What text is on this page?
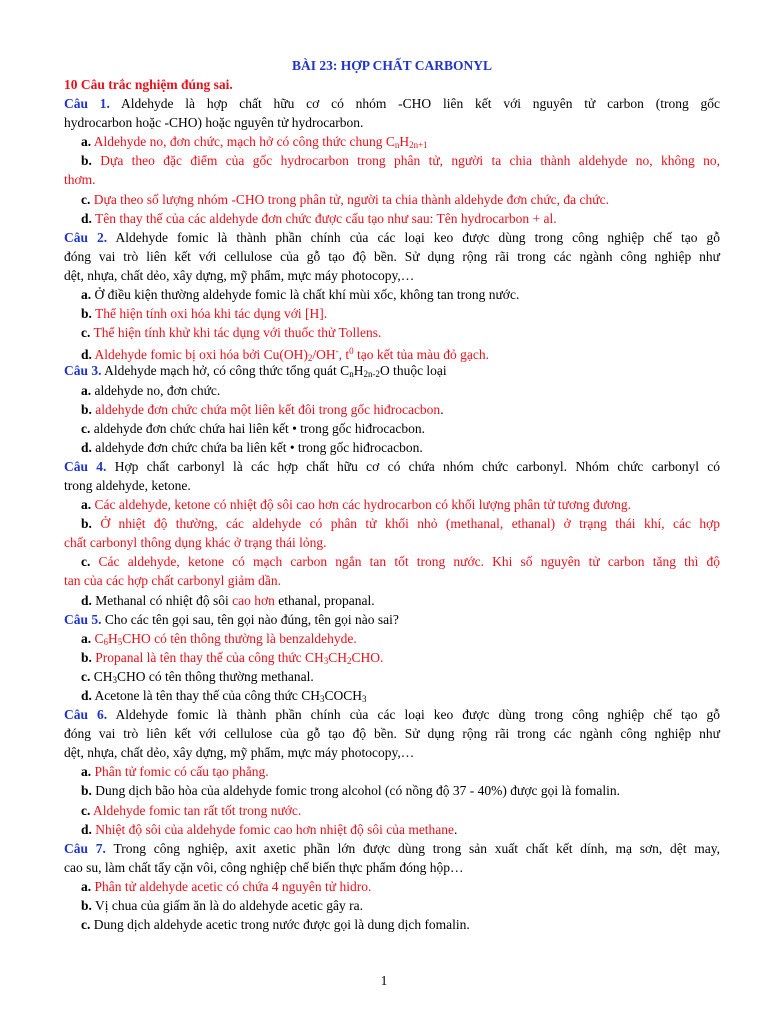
BÀI 23: HỢP CHẤT CARBONYL
10 Câu trắc nghiệm đúng sai.
Câu 1. Aldehyde là hợp chất hữu cơ có nhóm -CHO liên kết với nguyên tử carbon (trong gốc
hydrocarbon hoặc -CHO) hoặc nguyên tử hydrocarbon.
a. Aldehyde no, đơn chức, mạch hở có công thức chung $C_nH_{2n+1}$
b. Dựa theo đặc điểm của gốc hydrocarbon trong phân tử, người ta chia thành aldehyde no, không no,
thơm.
c. Dựa theo số lượng nhóm -CHO trong phân tử, người ta chia thành aldehyde đơn chức, đa chức.
d. Tên thay thế của các aldehyde đơn chức được cấu tạo như sau: Tên hydrocarbon + al.
Câu 2. Aldehyde fomic là thành phần chính của các loại keo được dùng trong công nghiệp chế tạo gỗ
đóng vai trò liên kết với cellulose của gỗ tạo độ bền. Sử dụng rộng rãi trong các ngành công nghiệp như
dệt, nhựa, chất dẻo, xây dựng, mỹ phẩm, mực máy photocopy,…
a. Ở điều kiện thường aldehyde fomic là chất khí mùi xốc, không tan trong nước.
b. Thể hiện tính oxi hóa khi tác dụng với [H].
c. Thể hiện tính khử khi tác dụng với thuốc thử Tollens.
d. Aldehyde fomic bị oxi hóa bởi $Cu(OH)_2/OH^-$, $t^0$ tạo kết tủa màu đỏ gạch.
Câu 3. Aldehyde mạch hở, có công thức tổng quát $C_nH_{2n-2}O$ thuộc loại
a. aldehyde no, đơn chức.
b. aldehyde đơn chức chứa một liên kết đôi trong gốc hiđrocacbon.
c. aldehyde đơn chức chứa hai liên kết • trong gốc hiđrocacbon.
d. aldehyde đơn chức chứa ba liên kết • trong gốc hiđrocacbon.
Câu 4. Hợp chất carbonyl là các hợp chất hữu cơ có chứa nhóm chức carbonyl. Nhóm chức carbonyl có
trong aldehyde, ketone.
a. Các aldehyde, ketone có nhiệt độ sôi cao hơn các hydrocarbon có khối lượng phân tử tương đương.
b. Ở nhiệt độ thường, các aldehyde có phân tử khối nhỏ (methanal, ethanal) ở trạng thái khí, các hợp
chất carbonyl thông dụng khác ở trạng thái lỏng.
c. Các aldehyde, ketone có mạch carbon ngắn tan tốt trong nước. Khi số nguyên tử carbon tăng thì độ
tan của các hợp chất carbonyl giảm dần.
d. Methanal có nhiệt độ sôi cao hơn ethanal, propanal.
Câu 5. Cho các tên gọi sau, tên gọi nào đúng, tên gọi nào sai?
a. $C_6H_5CHO$ có tên thông thường là benzaldehyde.
b. Propanal là tên thay thế của công thức $CH_3CH_2CHO$.
c. $CH_3CHO$ có tên thông thường methanal.
d. Acetone là tên thay thế của công thức $CH_3COCH_3$
Câu 6. Aldehyde fomic là thành phần chính của các loại keo được dùng trong công nghiệp chế tạo gỗ
đóng vai trò liên kết với cellulose của gỗ tạo độ bền. Sử dụng rộng rãi trong các ngành công nghiệp như
dệt, nhựa, chất dẻo, xây dựng, mỹ phẩm, mực máy photocopy,…
a. Phân tử fomic có cấu tạo phẳng.
b. Dung dịch bão hòa của aldehyde fomic trong alcohol (có nồng độ 37 - 40%) được gọi là fomalin.
c. Aldehyde fomic tan rất tốt trong nước.
d. Nhiệt độ sôi của aldehyde fomic cao hơn nhiệt độ sôi của methane.
Câu 7. Trong công nghiệp, axit axetic phần lớn được dùng trong sản xuất chất kết dính, mạ sơn, dệt may,
cao su, làm chất tẩy cặn vôi, công nghiệp chế biến thực phẩm đóng hộp…
a. Phân tử aldehyde acetic có chứa 4 nguyên tử hidro.
b. Vị chua của giấm ăn là do aldehyde acetic gây ra.
c. Dung dịch aldehyde acetic trong nước được gọi là dung dịch fomalin.
1
